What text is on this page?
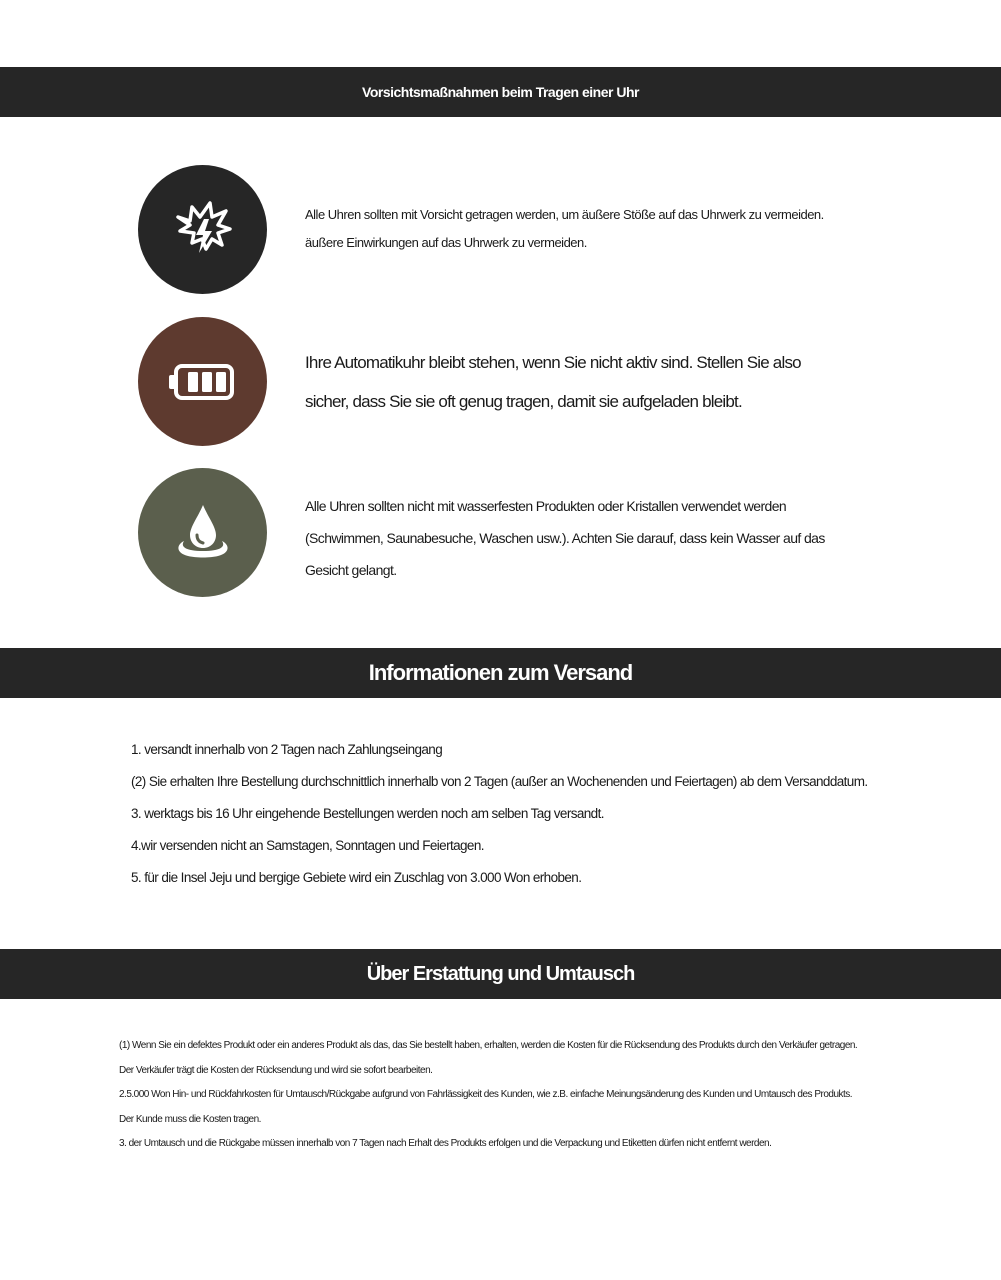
Vorsichtsmaßnahmen beim Tragen einer Uhr
Alle Uhren sollten mit Vorsicht getragen werden, um äußere Stöße auf das Uhrwerk zu vermeiden.
äußere Einwirkungen auf das Uhrwerk zu vermeiden.
Ihre Automatikuhr bleibt stehen, wenn Sie nicht aktiv sind. Stellen Sie also
sicher, dass Sie sie oft genug tragen, damit sie aufgeladen bleibt.
Alle Uhren sollten nicht mit wasserfesten Produkten oder Kristallen verwendet werden
(Schwimmen, Saunabesuche, Waschen usw.). Achten Sie darauf, dass kein Wasser auf das
Gesicht gelangt.
Informationen zum Versand
1. versandt innerhalb von 2 Tagen nach Zahlungseingang
(2) Sie erhalten Ihre Bestellung durchschnittlich innerhalb von 2 Tagen (außer an Wochenenden und Feiertagen) ab dem Versanddatum.
3. werktags bis 16 Uhr eingehende Bestellungen werden noch am selben Tag versandt.
4.wir versenden nicht an Samstagen, Sonntagen und Feiertagen.
5. für die Insel Jeju und bergige Gebiete wird ein Zuschlag von 3.000 Won erhoben.
Über Erstattung und Umtausch
(1) Wenn Sie ein defektes Produkt oder ein anderes Produkt als das, das Sie bestellt haben, erhalten, werden die Kosten für die Rücksendung des Produkts durch den Verkäufer getragen.
Der Verkäufer trägt die Kosten der Rücksendung und wird sie sofort bearbeiten.
2.5.000 Won Hin- und Rückfahrkosten für Umtausch/Rückgabe aufgrund von Fahrlässigkeit des Kunden, wie z.B. einfache Meinungsänderung des Kunden und Umtausch des Produkts.
Der Kunde muss die Kosten tragen.
3. der Umtausch und die Rückgabe müssen innerhalb von 7 Tagen nach Erhalt des Produkts erfolgen und die Verpackung und Etiketten dürfen nicht entfernt werden.
